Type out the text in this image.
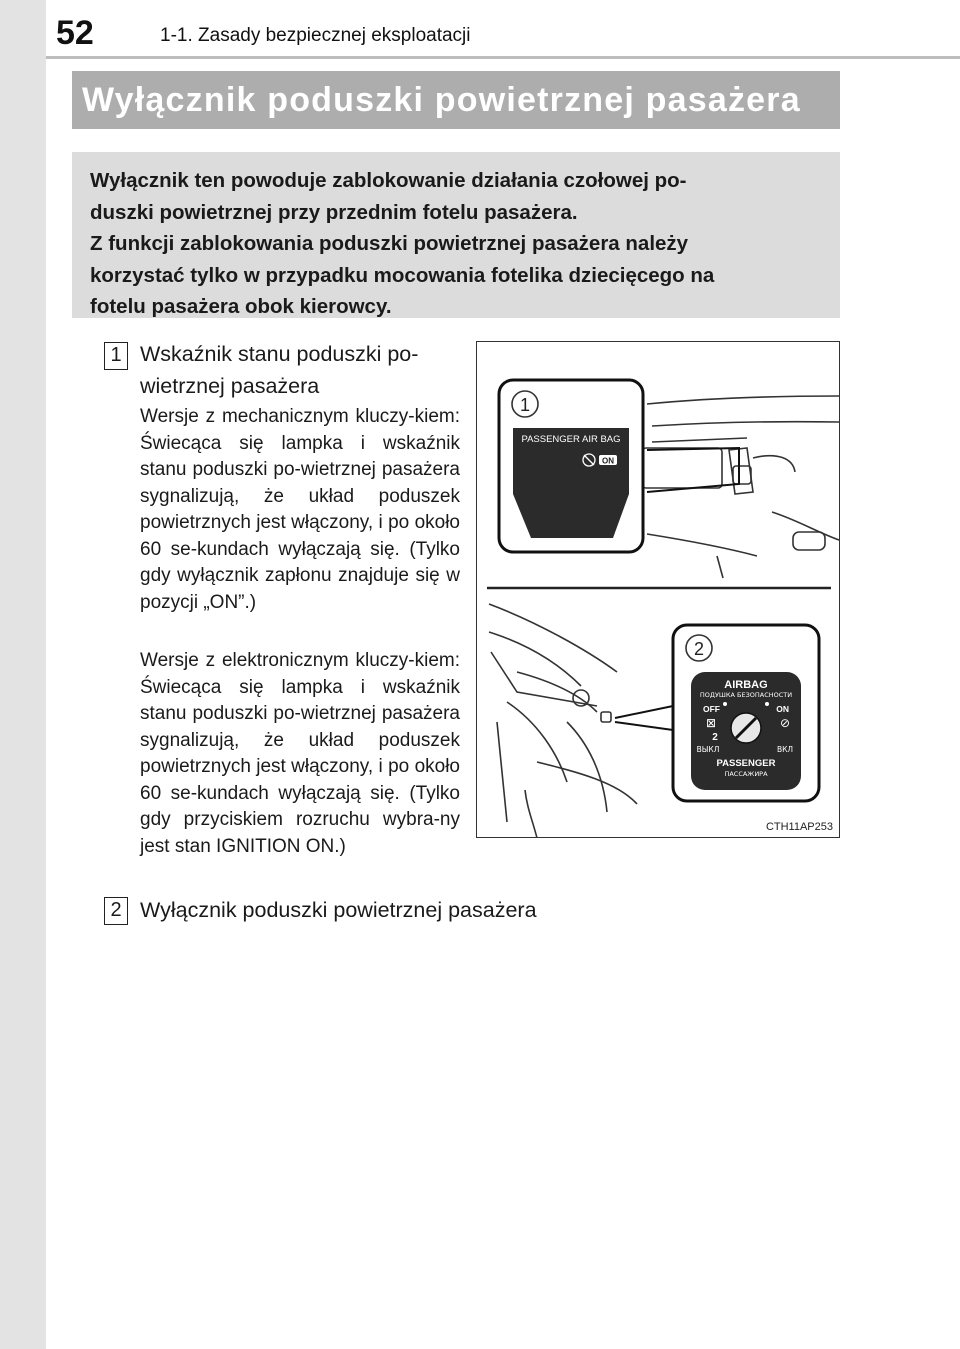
52	1-1. Zasady bezpiecznej eksploatacji
Wyłącznik poduszki powietrznej pasażera

Wyłącznik ten powoduje zablokowanie działania czołowej po-

duszki powietrznej przy przednim fotelu pasażera.

Z funkcji zablokowania poduszki powietrznej pasażera należy

korzystać tylko w przypadku mocowania fotelika dziecięcego na

fotelu pasażera obok kierowcy.

1 Wskaźnik stanu poduszki po-
wietrznej pasażera

Wersje z mechanicznym kluczy-kiem: Świecąca się lampka i wskaźnik stanu poduszki po-wietrznej pasażera sygnalizują, że układ poduszek powietrznych jest włączony, i po około 60 se-kundach wyłączają się. (Tylko gdy wyłącznik zapłonu znajduje się w pozycji „ON”.)

Wersje z elektronicznym kluczy-kiem: Świecąca się lampka i wskaźnik stanu poduszki po-wietrznej pasażera sygnalizują, że układ poduszek powietrznych jest włączony, i po około 60 se-kundach wyłączają się. (Tylko gdy przyciskiem rozruchu wybra-ny jest stan IGNITION ON.)

2 Wyłącznik poduszki powietrznej pasażera
1
PASSENGER AIR BAG
ON
2
AIRBAG
ПОДУШКА БЕЗОПАСНОСТИ
OFF	ON
⊠
2
⊘
ВЫКЛ	ВКЛ
PASSENGER
ПАССАЖИРА
CTH11AP253
